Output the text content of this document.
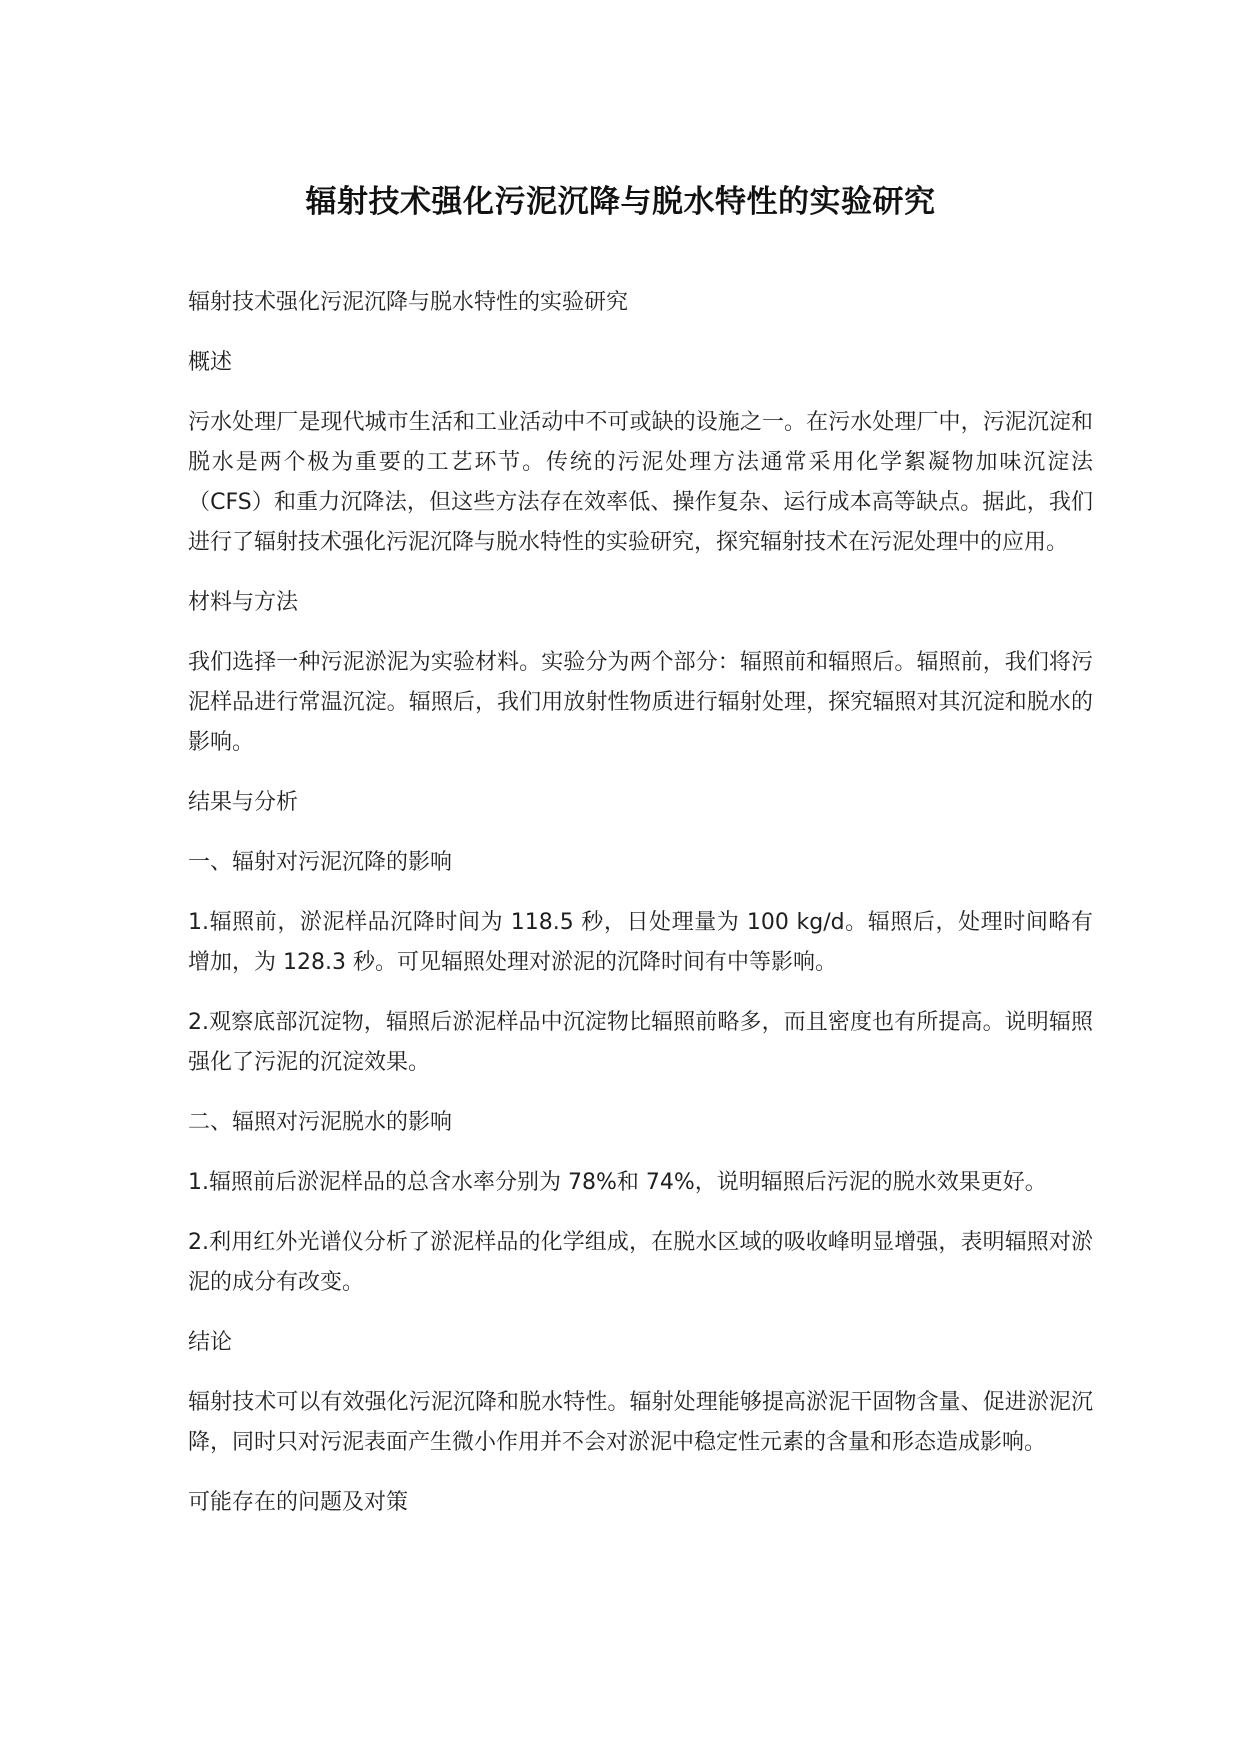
辐射技术强化污泥沉降与脱水特性的实验研究

辐射技术强化污泥沉降与脱水特性的实验研究

概述

污水处理厂是现代城市生活和工业活动中不可或缺的设施之一。在污水处理厂中，污泥沉淀和脱水是两个极为重要的工艺环节。传统的污泥处理方法通常采用化学絮凝物加味沉淀法（CFS）和重力沉降法，但这些方法存在效率低、操作复杂、运行成本高等缺点。据此，我们进行了辐射技术强化污泥沉降与脱水特性的实验研究，探究辐射技术在污泥处理中的应用。

材料与方法

我们选择一种污泥淤泥为实验材料。实验分为两个部分：辐照前和辐照后。辐照前，我们将污泥样品进行常温沉淀。辐照后，我们用放射性物质进行辐射处理，探究辐照对其沉淀和脱水的影响。

结果与分析

一、辐射对污泥沉降的影响

1.辐照前，淤泥样品沉降时间为 118.5 秒，日处理量为 100 kg/d。辐照后，处理时间略有增加，为 128.3 秒。可见辐照处理对淤泥的沉降时间有中等影响。

2.观察底部沉淀物，辐照后淤泥样品中沉淀物比辐照前略多，而且密度也有所提高。说明辐照强化了污泥的沉淀效果。

二、辐照对污泥脱水的影响

1.辐照前后淤泥样品的总含水率分别为 78%和 74%，说明辐照后污泥的脱水效果更好。

2.利用红外光谱仪分析了淤泥样品的化学组成，在脱水区域的吸收峰明显增强，表明辐照对淤泥的成分有改变。

结论

辐射技术可以有效强化污泥沉降和脱水特性。辐射处理能够提高淤泥干固物含量、促进淤泥沉降，同时只对污泥表面产生微小作用并不会对淤泥中稳定性元素的含量和形态造成影响。

可能存在的问题及对策
